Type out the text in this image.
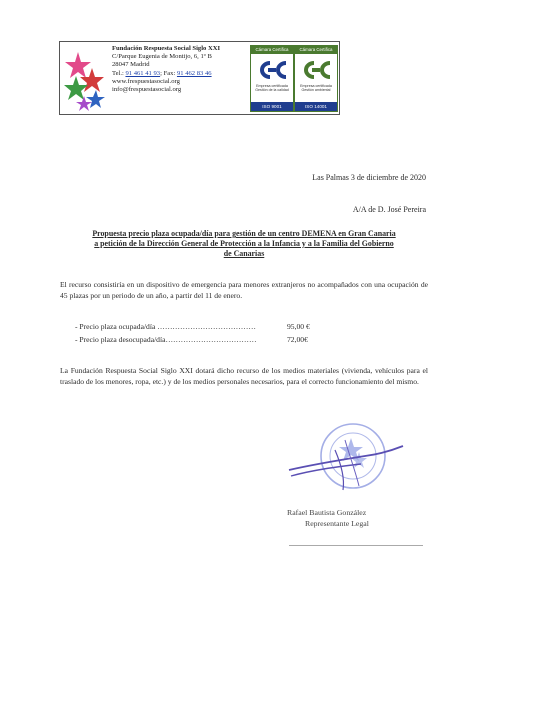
Fundación Respuesta Social Siglo XXI
C/Parque Eugenia de Montijo, 6, 1º B
28047 Madrid
Tel.: 91 461 41 93; Fax: 91 462 83 46
www.frespuestasocial.org
info@frespuestasocial.org
Cámara Certifica
Empresa certificada
Gestión de la calidad
ISO 9001
Cámara Certifica
Empresa certificada
Gestión ambiental
ISO 14001
Las Palmas 3 de diciembre de 2020
A/A de D. José Pereira
Propuesta precio plaza ocupada/día para gestión de un centro DEMENA en Gran Canaria
a petición de la Dirección General de Protección a la Infancia y a la Familia del Gobierno
de Canarias
El recurso consistiría en un dispositivo de emergencia para menores extranjeros no acompañados con una ocupación de 45 plazas por un periodo de un año, a partir del 11 de enero.
- Precio plaza ocupada/día …………………………………	95,00 €
- Precio plaza desocupada/día………………………………	72,00€
La Fundación Respuesta Social Siglo XXI dotará dicho recurso de los medios materiales (vivienda, vehículos para el traslado de los menores, ropa, etc.) y de los medios personales necesarios, para el correcto funcionamiento del mismo.
Rafael Bautista González
Representante Legal
